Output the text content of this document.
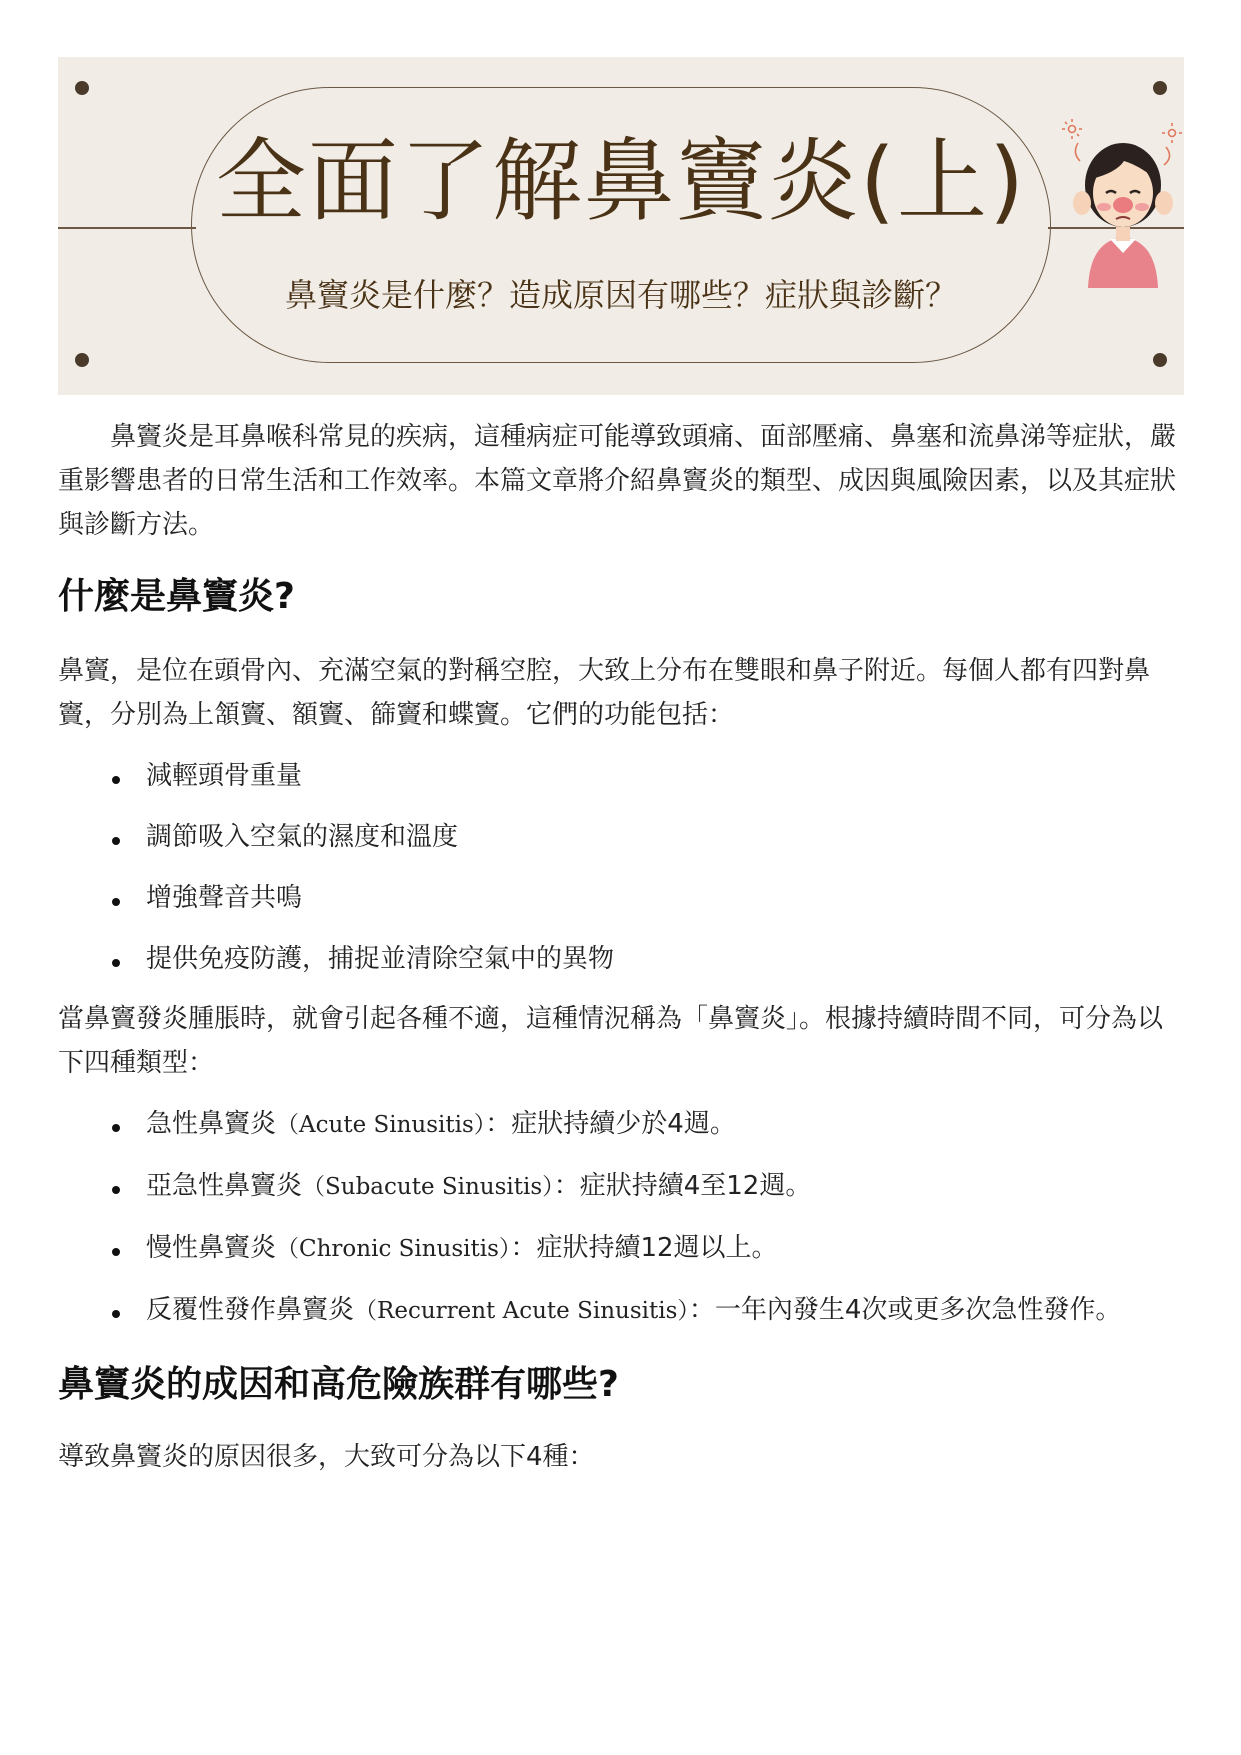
全面了解鼻竇炎(上)
鼻竇炎是什麼？造成原因有哪些？症狀與診斷？

鼻竇炎是耳鼻喉科常見的疾病，這種病症可能導致頭痛、面部壓痛、鼻塞和流鼻涕等症狀，嚴重影響患者的日常生活和工作效率。本篇文章將介紹鼻竇炎的類型、成因與風險因素，以及其症狀與診斷方法。

什麼是鼻竇炎?

鼻竇，是位在頭骨內、充滿空氣的對稱空腔，大致上分布在雙眼和鼻子附近。每個人都有四對鼻竇，分別為上頷竇、額竇、篩竇和蝶竇。它們的功能包括：

減輕頭骨重量
調節吸入空氣的濕度和溫度
增強聲音共鳴
提供免疫防護，捕捉並清除空氣中的異物

當鼻竇發炎腫脹時，就會引起各種不適，這種情況稱為「鼻竇炎」。根據持續時間不同，可分為以下四種類型：

急性鼻竇炎（Acute Sinusitis）：症狀持續少於4週。
亞急性鼻竇炎（Subacute Sinusitis）：症狀持續4至12週。
慢性鼻竇炎（Chronic Sinusitis）：症狀持續12週以上。
反覆性發作鼻竇炎（Recurrent Acute Sinusitis）：一年內發生4次或更多次急性發作。
鼻竇炎的成因和高危險族群有哪些?

導致鼻竇炎的原因很多，大致可分為以下4種：
